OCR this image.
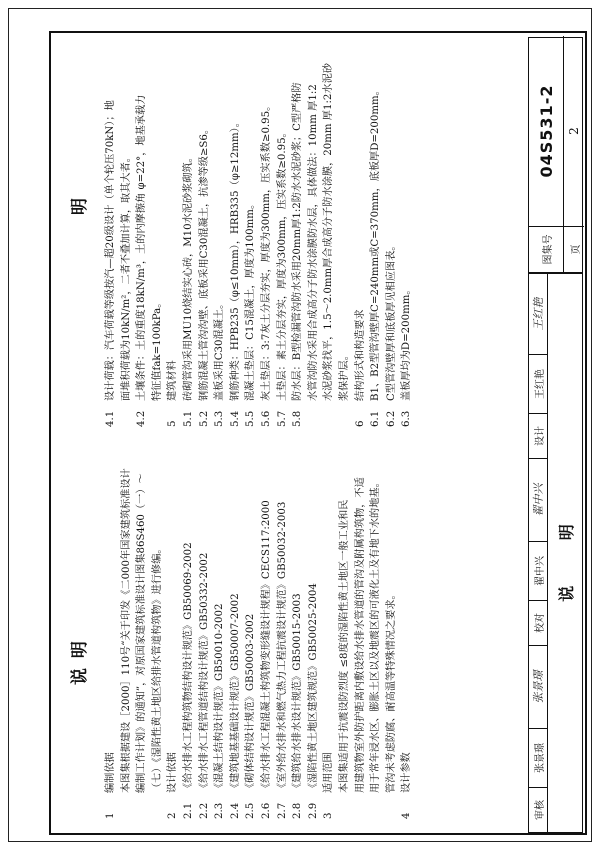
说 明
明
1
编制依据 本图集根据建设［2000］110号“关于印发《二000年国家建筑标准设计 编制工作计划》的通知”，对原国家建筑标准设计图集86S460（一）～ （七）《湿陷性黄土地区给排水管道构筑物》进行修编。
2
设计依据
2.1
《给水排水工程构筑物结构设计规范》GB50069-2002
2.2
《给水排水工程管道结构设计规范》GB50332-2002
2.3
《混凝土结构设计规范》GB50010-2002
2.4
《建筑地基基础设计规范》GB50007-2002
2.5
《砌体结构设计规范》GB50003-2002
2.6
《给水排水工程混凝土构筑物变形缝设计规程》CECS117:2000
2.7
《室外给水排水和燃气热力工程抗震设计规范》GB50032-2003
2.8
《建筑给水排水设计规范》GB50015-2003
2.9
《湿陷性黄土地区建筑规范》GB50025-2004
3
适用范围 本图集适用于抗震设防烈度 ≤8度的湿陷性黄土地区一般工业和民 用建筑物室外防护距离内敷设给水排水管道的管沟及附属构筑物，不适 用于常年浸水区、膨胀土区以及地震区的可液化土及有地下水的地基。 管沟未考虑防腐、耐高温等特殊情况之要求。
4
设计参数
4.1
设计荷载：汽车荷载等级按汽—超20级设计（单个轮压70kN）；地 面堆积荷载为10kN/m²，二者不叠加计算，取其大者。
4.2
土壤条件：土的重度18kN/m³，土的内摩擦角 φ=22°，地基承载力 特征值fak=100kPa。
5
建筑材料
5.1
砖砌管沟采用MU10烧结实心砖，M10水泥砂浆砌筑。
5.2
钢筋混凝土管沟沟壁、底板采用C30混凝土，抗渗等级≥S6。
5.3
盖板采用C30混凝土。
5.4
钢筋种类：HPB235（φ≤10mm），HRB335（φ≥12mm）。
5.5
混凝土垫层：C15混凝土，厚度为100mm。
5.6
灰土垫层：3:7灰土分层夯实，厚度为300mm，压实系数≥0.95。
5.7
土垫层：素土分层夯实，厚度为300mm，压实系数≥0.95。
5.8
防水层：B型检漏管沟防水采用20mm厚1:2防水水泥砂浆；C型严格防 水管沟防水采用合成高分子防水涂膜防水层，具体做法：10mm 厚1:2 水泥砂浆找平，1.5～2.0mm厚合成高分子防水涂膜，20mm 厚1:2水泥砂 浆保护层。
6
结构形式和构造要求
6.1
B1、B2型管沟壁厚C=240mm或C=370mm，底板厚D=200mm。
6.2
C型管沟壁厚和底板厚见相应图表。
6.3
盖板厚均为D=200mm。
说 明
审核
张景璟
张景璟
校对
翟中兴
翟中兴
设计
王红艳
王红艳
图集号
04S531-2
页
2
